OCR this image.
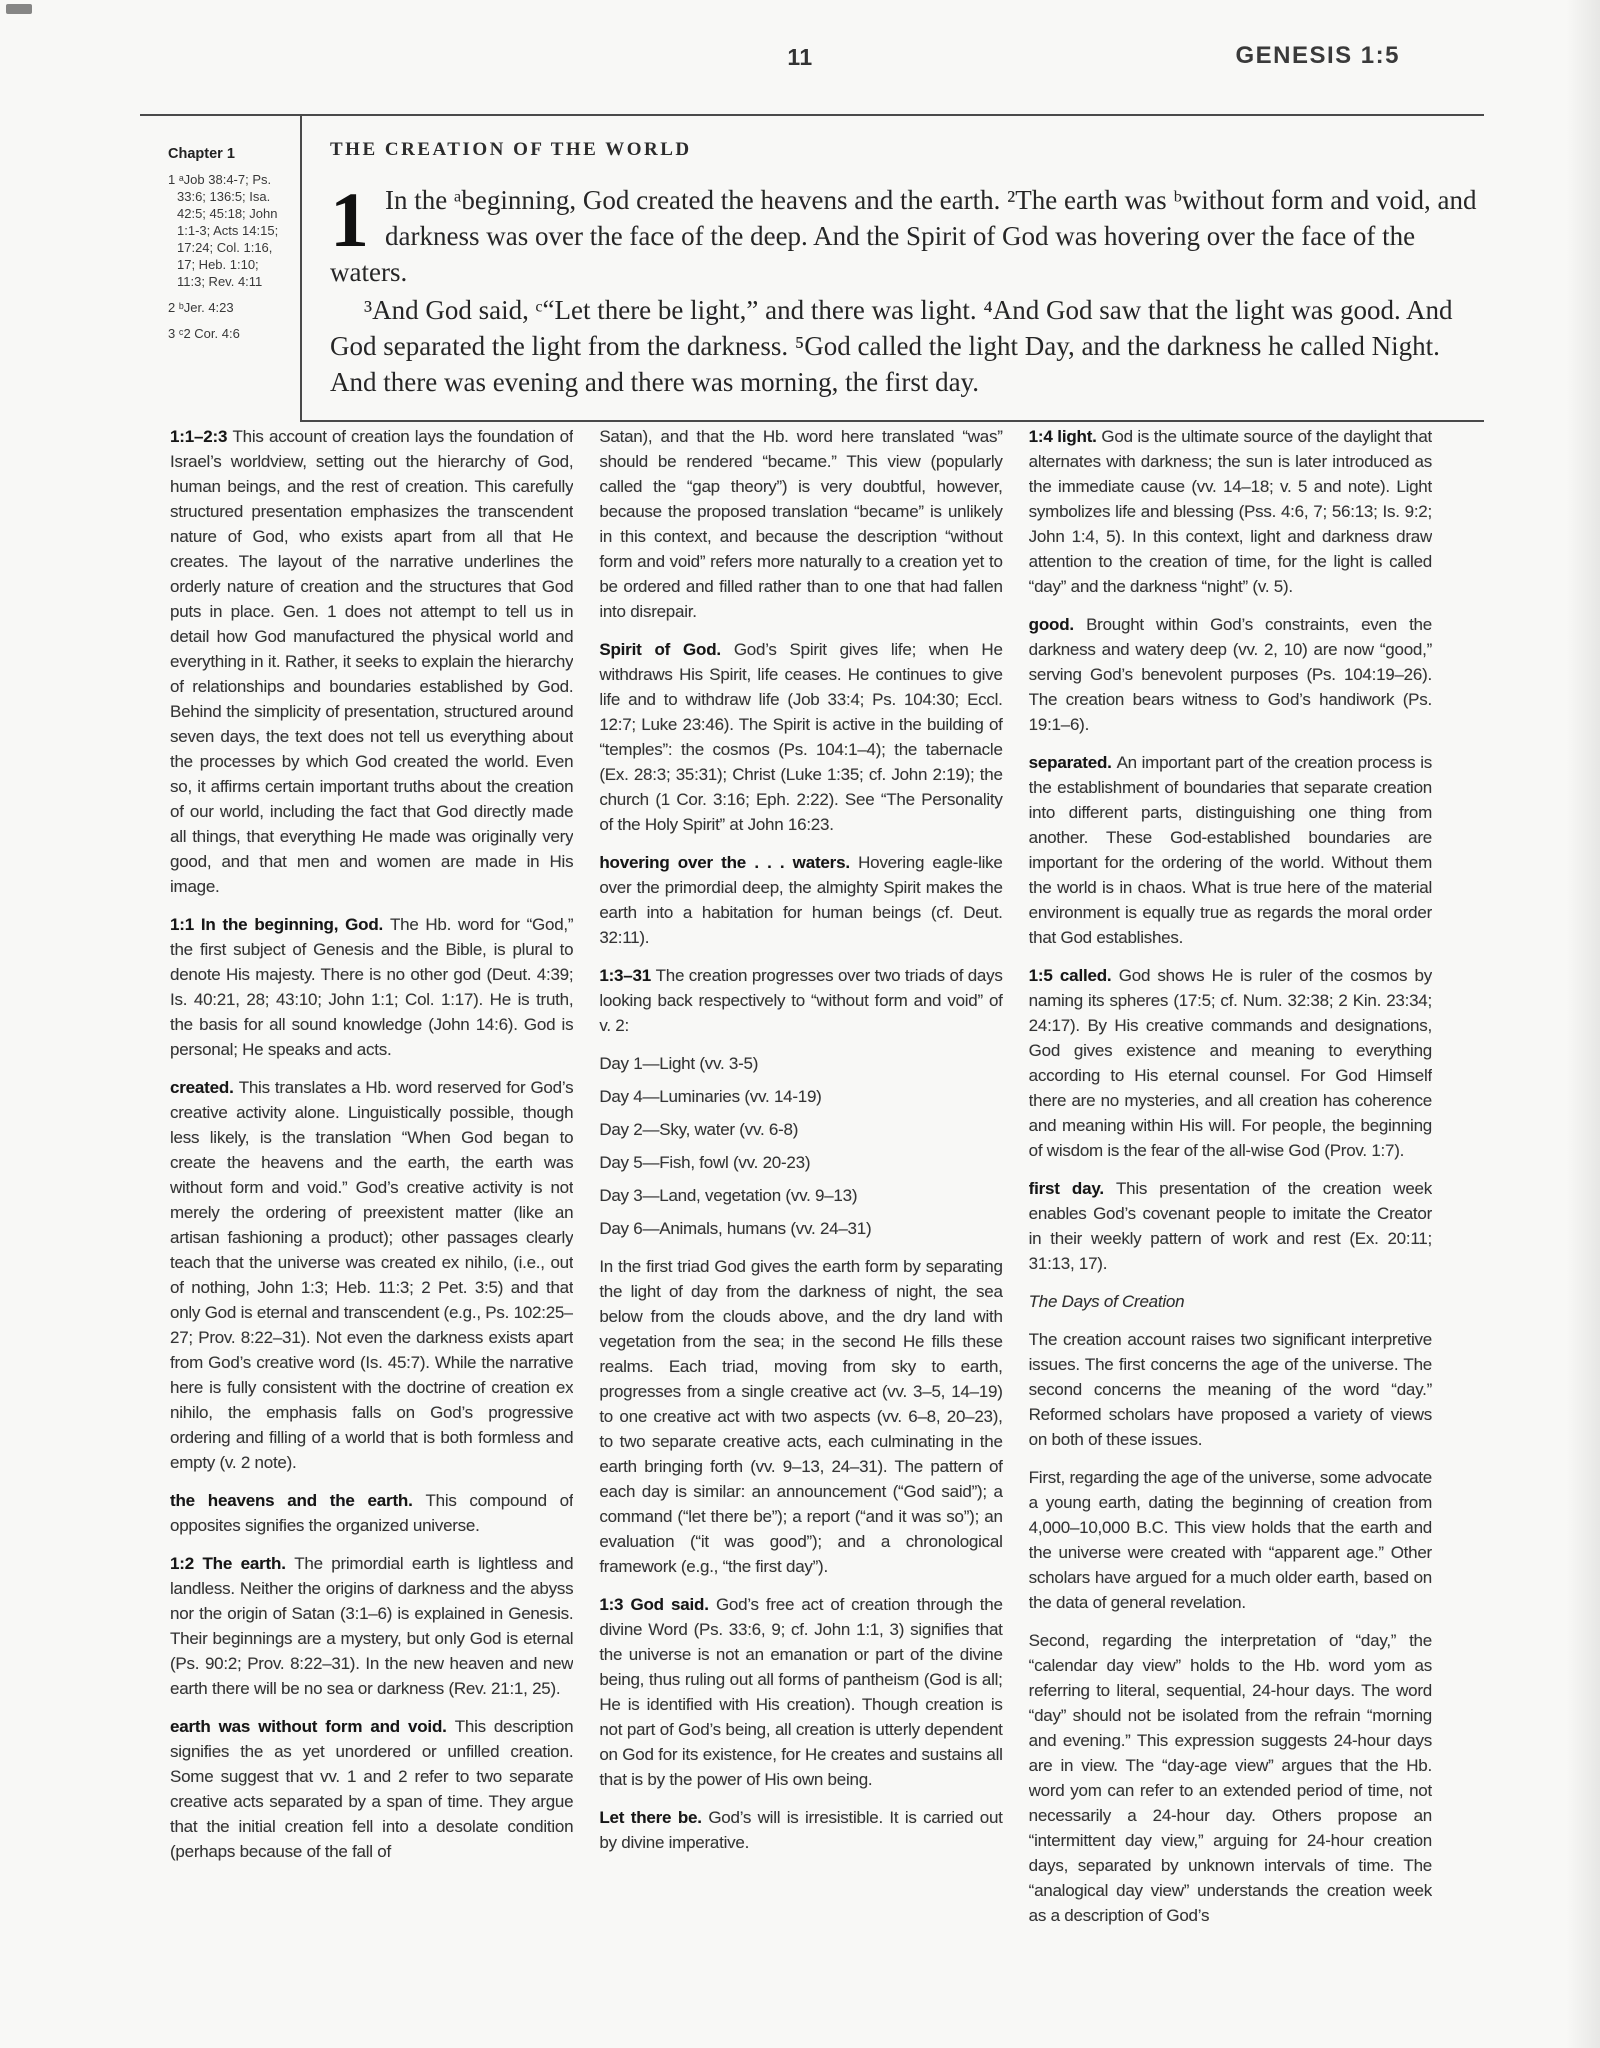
11	GENESIS 1:5
Chapter 1
1 ᵃJob 38:4-7; Ps. 33:6; 136:5; Isa. 42:5; 45:18; John 1:1-3; Acts 14:15; 17:24; Col. 1:16, 17; Heb. 1:10; 11:3; Rev. 4:11
2 ᵇJer. 4:23
3 ᶜ2 Cor. 4:6
THE CREATION OF THE WORLD
1 In the ᵃbeginning, God created the heavens and the earth. ²The earth was ᵇwithout form and void, and darkness was over the face of the deep. And the Spirit of God was hovering over the face of the waters.

³And God said, ᶜ“Let there be light,” and there was light. ⁴And God saw that the light was good. And God separated the light from the darkness. ⁵God called the light Day, and the darkness he called Night. And there was evening and there was morning, the first day.

1:1–2:3 This account of creation lays the foundation of Israel’s worldview, setting out the hierarchy of God, human beings, and the rest of creation. This carefully structured presentation emphasizes the transcendent nature of God, who exists apart from all that He creates. The layout of the narrative underlines the orderly nature of creation and the structures that God puts in place. Gen. 1 does not attempt to tell us in detail how God manufactured the physical world and everything in it. Rather, it seeks to explain the hierarchy of relationships and boundaries established by God. Behind the simplicity of presentation, structured around seven days, the text does not tell us everything about the processes by which God created the world. Even so, it affirms certain important truths about the creation of our world, including the fact that God directly made all things, that everything He made was originally very good, and that men and women are made in His image.
1:1 In the beginning, God. The Hb. word for “God,” the first subject of Genesis and the Bible, is plural to denote His majesty. There is no other god (Deut. 4:39; Is. 40:21, 28; 43:10; John 1:1; Col. 1:17). He is truth, the basis for all sound knowledge (John 14:6). God is personal; He speaks and acts.
created. This translates a Hb. word reserved for God’s creative activity alone. Linguistically possible, though less likely, is the translation “When God began to create the heavens and the earth, the earth was without form and void.” God’s creative activity is not merely the ordering of preexistent matter (like an artisan fashioning a product); other passages clearly teach that the universe was created ex nihilo, (i.e., out of nothing, John 1:3; Heb. 11:3; 2 Pet. 3:5) and that only God is eternal and transcendent (e.g., Ps. 102:25–27; Prov. 8:22–31). Not even the darkness exists apart from God’s creative word (Is. 45:7). While the narrative here is fully consistent with the doctrine of creation ex nihilo, the emphasis falls on God’s progressive ordering and filling of a world that is both formless and empty (v. 2 note).
the heavens and the earth. This compound of opposites signifies the organized universe.
1:2 The earth. The primordial earth is lightless and landless. Neither the origins of darkness and the abyss nor the origin of Satan (3:1–6) is explained in Genesis. Their beginnings are a mystery, but only God is eternal (Ps. 90:2; Prov. 8:22–31). In the new heaven and new earth there will be no sea or darkness (Rev. 21:1, 25).
earth was without form and void. This description signifies the as yet unordered or unfilled creation. Some suggest that vv. 1 and 2 refer to two separate creative acts separated by a span of time. They argue that the initial creation fell into a desolate condition (perhaps because of the fall of
Satan), and that the Hb. word here translated “was” should be rendered “became.” This view (popularly called the “gap theory”) is very doubtful, however, because the proposed translation “became” is unlikely in this context, and because the description “without form and void” refers more naturally to a creation yet to be ordered and filled rather than to one that had fallen into disrepair.
Spirit of God. God’s Spirit gives life; when He withdraws His Spirit, life ceases. He continues to give life and to withdraw life (Job 33:4; Ps. 104:30; Eccl. 12:7; Luke 23:46). The Spirit is active in the building of “temples”: the cosmos (Ps. 104:1–4); the tabernacle (Ex. 28:3; 35:31); Christ (Luke 1:35; cf. John 2:19); the church (1 Cor. 3:16; Eph. 2:22). See “The Personality of the Holy Spirit” at John 16:23.
hovering over the . . . waters. Hovering eagle-like over the primordial deep, the almighty Spirit makes the earth into a habitation for human beings (cf. Deut. 32:11).
1:3–31 The creation progresses over two triads of days looking back respectively to “without form and void” of v. 2:
Day 1—Light (vv. 3-5)
Day 4—Luminaries (vv. 14-19)
Day 2—Sky, water (vv. 6-8)
Day 5—Fish, fowl (vv. 20-23)
Day 3—Land, vegetation (vv. 9–13)
Day 6—Animals, humans (vv. 24–31)
In the first triad God gives the earth form by separating the light of day from the darkness of night, the sea below from the clouds above, and the dry land with vegetation from the sea; in the second He fills these realms. Each triad, moving from sky to earth, progresses from a single creative act (vv. 3–5, 14–19) to one creative act with two aspects (vv. 6–8, 20–23), to two separate creative acts, each culminating in the earth bringing forth (vv. 9–13, 24–31). The pattern of each day is similar: an announcement (“God said”); a command (“let there be”); a report (“and it was so”); an evaluation (“it was good”); and a chronological framework (e.g., “the first day”).
1:3 God said. God’s free act of creation through the divine Word (Ps. 33:6, 9; cf. John 1:1, 3) signifies that the universe is not an emanation or part of the divine being, thus ruling out all forms of pantheism (God is all; He is identified with His creation). Though creation is not part of God’s being, all creation is utterly dependent on God for its existence, for He creates and sustains all that is by the power of His own being.
Let there be. God’s will is irresistible. It is carried out by divine imperative.
1:4 light. God is the ultimate source of the daylight that alternates with darkness; the sun is later introduced as the immediate cause (vv. 14–18; v. 5 and note). Light symbolizes life and blessing (Pss. 4:6, 7; 56:13; Is. 9:2; John 1:4, 5). In this context, light and darkness draw attention to the creation of time, for the light is called “day” and the darkness “night” (v. 5).
good. Brought within God’s constraints, even the darkness and watery deep (vv. 2, 10) are now “good,” serving God’s benevolent purposes (Ps. 104:19–26). The creation bears witness to God’s handiwork (Ps. 19:1–6).
separated. An important part of the creation process is the establishment of boundaries that separate creation into different parts, distinguishing one thing from another. These God-established boundaries are important for the ordering of the world. Without them the world is in chaos. What is true here of the material environment is equally true as regards the moral order that God establishes.
1:5 called. God shows He is ruler of the cosmos by naming its spheres (17:5; cf. Num. 32:38; 2 Kin. 23:34; 24:17). By His creative commands and designations, God gives existence and meaning to everything according to His eternal counsel. For God Himself there are no mysteries, and all creation has coherence and meaning within His will. For people, the beginning of wisdom is the fear of the all-wise God (Prov. 1:7).
first day. This presentation of the creation week enables God’s covenant people to imitate the Creator in their weekly pattern of work and rest (Ex. 20:11; 31:13, 17).
The Days of Creation
The creation account raises two significant interpretive issues. The first concerns the age of the universe. The second concerns the meaning of the word “day.” Reformed scholars have proposed a variety of views on both of these issues.
First, regarding the age of the universe, some advocate a young earth, dating the beginning of creation from 4,000–10,000 B.C. This view holds that the earth and the universe were created with “apparent age.” Other scholars have argued for a much older earth, based on the data of general revelation.
Second, regarding the interpretation of “day,” the “calendar day view” holds to the Hb. word yom as referring to literal, sequential, 24-hour days. The word “day” should not be isolated from the refrain “morning and evening.” This expression suggests 24-hour days are in view. The “day-age view” argues that the Hb. word yom can refer to an extended period of time, not necessarily a 24-hour day. Others propose an “intermittent day view,” arguing for 24-hour creation days, separated by unknown intervals of time. The “analogical day view” understands the creation week as a description of God’s
